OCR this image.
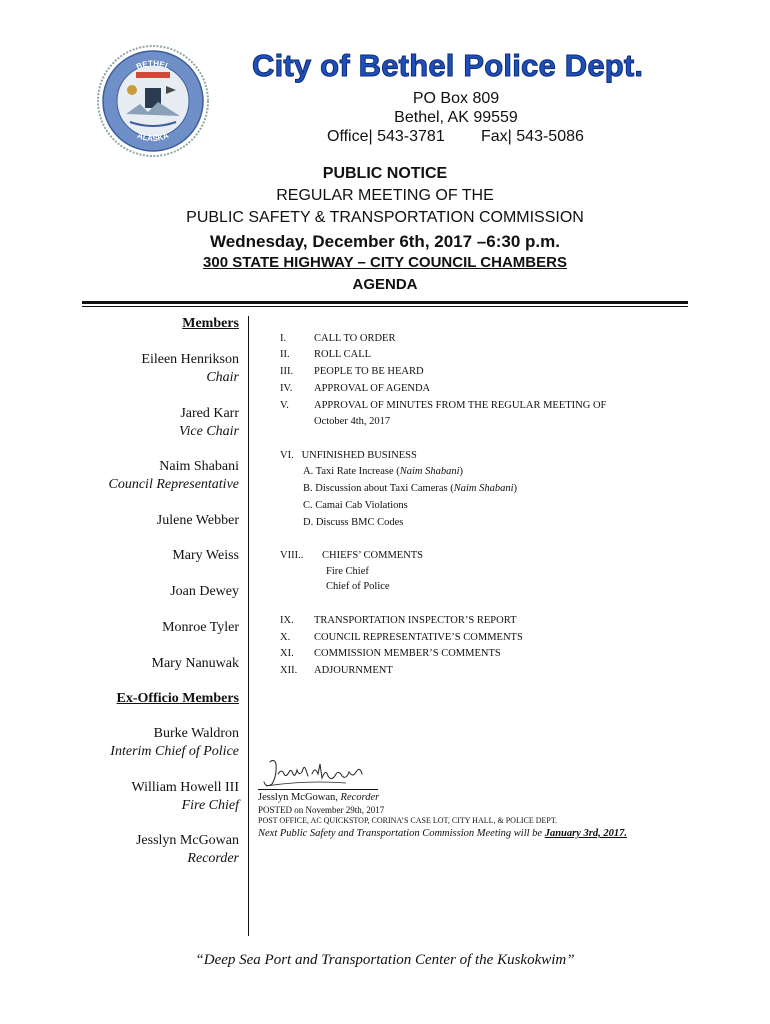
BETHEL
ALASKA
City of Bethel Police Dept.
PO Box 809
Bethel, AK 99559
Office| 543-3781 Fax| 543-5086
PUBLIC NOTICE
REGULAR MEETING OF THE
PUBLIC SAFETY & TRANSPORTATION COMMISSION
Wednesday, December 6th, 2017 –6:30 p.m.
300 STATE HIGHWAY – CITY COUNCIL CHAMBERS
AGENDA
Members
Eileen Henrikson
Chair
Jared Karr
Vice Chair
Naim Shabani
Council Representative
Julene Webber
Mary Weiss
Joan Dewey
Monroe Tyler
Mary Nanuwak
Ex-Officio Members
Burke Waldron
Interim Chief of Police
William Howell III
Fire Chief
Jesslyn McGowan
Recorder
I.	CALL TO ORDER
II. ROLL CALL
III. PEOPLE TO BE HEARD
IV. APPROVAL OF AGENDA
V. APPROVAL OF MINUTES FROM THE REGULAR MEETING OF
October 4th, 2017
VI.   UNFINISHED BUSINESS
A. Taxi Rate Increase (Naim Shabani)
B. Discussion about Taxi Cameras (Naim Shabani)
C. Camai Cab Violations
D. Discuss BMC Codes
VIII.. CHIEFS’ COMMENTS
Fire Chief
Chief of Police
IX. TRANSPORTATION INSPECTOR’S REPORT
X. COUNCIL REPRESENTATIVE’S COMMENTS
XI. COMMISSION MEMBER’S COMMENTS
XII. ADJOURNMENT
Jesslyn McGowan, Recorder
POSTED on November 29th, 2017
POST OFFICE, AC QUICKSTOP, CORINA’S CASE LOT, CITY HALL, & POLICE DEPT.
Next Public Safety and Transportation Commission Meeting will be January 3rd, 2017.
“Deep Sea Port and Transportation Center of the Kuskokwim”
